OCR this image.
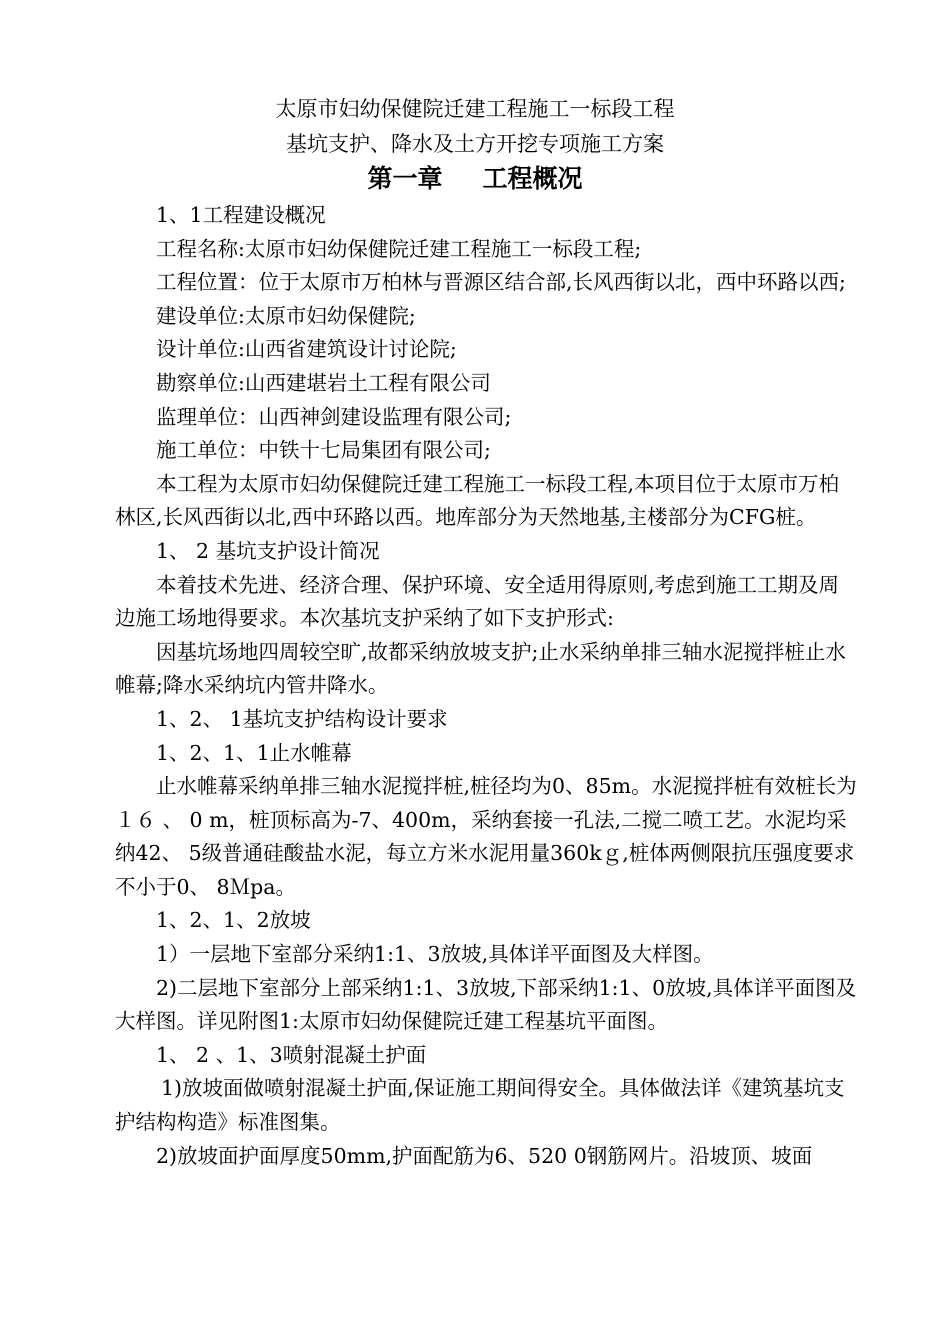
太原市妇幼保健院迁建工程施工一标段工程
基坑支护、降水及土方开挖专项施工方案
第一章 工程概况

1、1工程建设概况

工程名称:太原市妇幼保健院迁建工程施工一标段工程;

工程位置：位于太原市万柏林与晋源区结合部,长风西街以北，西中环路以西;

建设单位:太原市妇幼保健院;

设计单位:山西省建筑设计讨论院;

勘察单位:山西建堪岩土工程有限公司

监理单位：山西神剑建设监理有限公司;

施工单位：中铁十七局集团有限公司;

本工程为太原市妇幼保健院迁建工程施工一标段工程,本项目位于太原市万柏林区,长风西街以北,西中环路以西。地库部分为天然地基,主楼部分为CFG桩。

1、 2 基坑支护设计简况

本着技术先进、经济合理、保护环境、安全适用得原则,考虑到施工工期及周边施工场地得要求。本次基坑支护采纳了如下支护形式:

因基坑场地四周较空旷,故都采纳放坡支护;止水采纳单排三轴水泥搅拌桩止水帷幕;降水采纳坑内管井降水。

1、2、 1基坑支护结构设计要求

1、2、1、1止水帷幕

止水帷幕采纳单排三轴水泥搅拌桩,桩径均为0、85m。水泥搅拌桩有效桩长为１６ 、 0 m，桩顶标高为-7、400m，采纳套接一孔法,二搅二喷工艺。水泥均采纳42、 5级普通硅酸盐水泥，每立方米水泥用量360kｇ,桩体两侧限抗压强度要求不小于0、 8Ｍpa。

1、2、1、2放坡

1）一层地下室部分采纳1:1、3放坡,具体详平面图及大样图。

2)二层地下室部分上部采纳1:1、3放坡,下部采纳1:1、0放坡,具体详平面图及大样图。详见附图1:太原市妇幼保健院迁建工程基坑平面图。

1、 2 、1、3喷射混凝土护面

1)放坡面做喷射混凝土护面,保证施工期间得安全。具体做法详《建筑基坑支护结构构造》标准图集。

2)放坡面护面厚度50mm,护面配筋为6、520 0钢筋网片。沿坡顶、坡面
